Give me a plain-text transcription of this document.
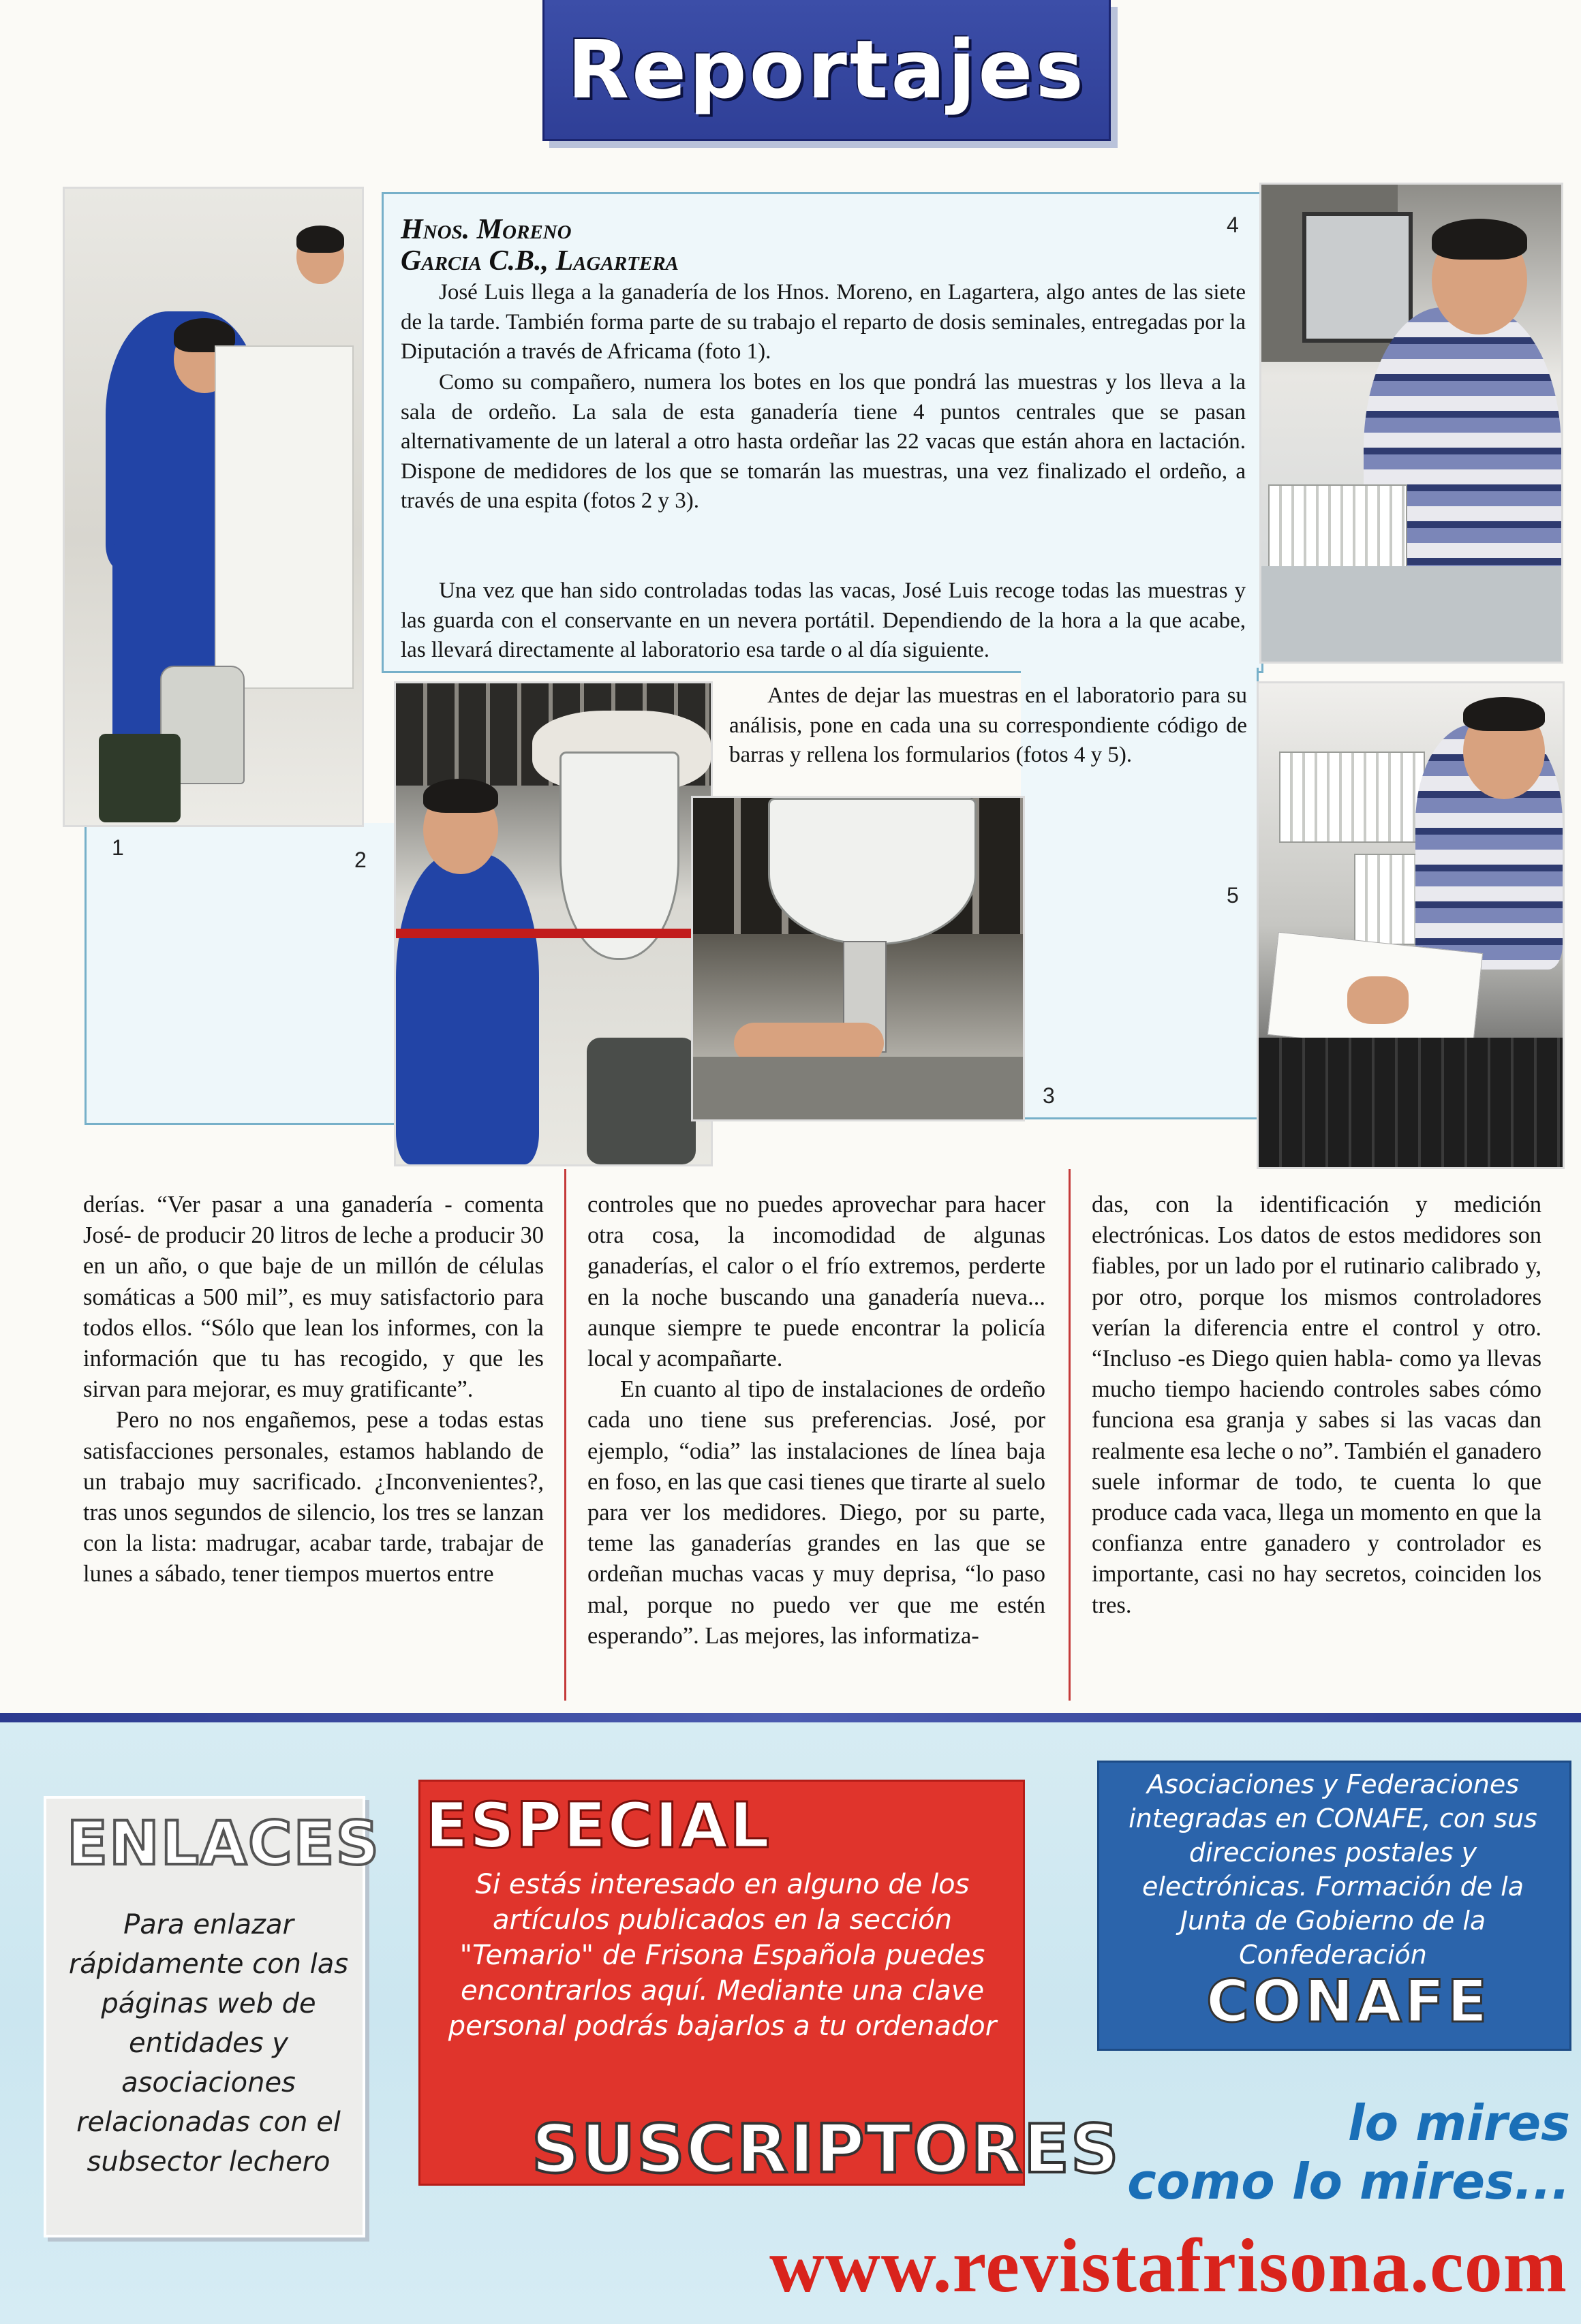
Reportajes
1	2
3
4
5
Hnos. Moreno
Garcia C.B., Lagartera

José Luis llega a la ganadería de los Hnos. Moreno, en Lagartera, algo antes de las siete de la tarde. También forma parte de su trabajo el reparto de dosis seminales, entregadas por la Diputación a través de Africama (foto 1).

Como su compañero, numera los botes en los que pondrá las muestras y los lleva a la sala de ordeño. La sala de esta ganadería tiene 4 puntos centrales que se pasan alternativamente de un lateral a otro hasta ordeñar las 22 vacas que están ahora en lactación. Dispone de medidores de los que se tomarán las muestras, una vez finalizado el ordeño, a través de una espita (fotos 2 y 3).

Una vez que han sido controladas todas las vacas, José Luis recoge todas las muestras y las guarda con el conservante en un nevera portátil. Dependiendo de la hora a la que acabe, las llevará directamente al laboratorio esa tarde o al día siguiente.

Antes de dejar las muestras en el laboratorio para su análisis, pone en cada una su correspondiente código de barras y rellena los formularios (fotos 4 y 5).

derías. “Ver pasar a una ganadería - comenta José- de producir 20 litros de leche a producir 30 en un año, o que baje de un millón de células somáticas a 500 mil”, es muy satisfactorio para todos ellos. “Sólo que lean los informes, con la información que tu has recogido, y que les sirvan para mejorar, es muy gratificante”.

Pero no nos engañemos, pese a todas estas satisfacciones personales, estamos hablando de un trabajo muy sacrificado. ¿Inconvenientes?, tras unos segundos de silencio, los tres se lanzan con la lista: madrugar, acabar tarde, trabajar de lunes a sábado, tener tiempos muertos entre

controles que no puedes aprovechar para hacer otra cosa, la incomodidad de algunas ganaderías, el calor o el frío extremos, perderte en la noche buscando una ganadería nueva... aunque siempre te puede encontrar la policía local y acompañarte.

En cuanto al tipo de instalaciones de ordeño cada uno tiene sus preferencias. José, por ejemplo, “odia” las instalaciones de línea baja en foso, en las que casi tienes que tirarte al suelo para ver los medidores. Diego, por su parte, teme las ganaderías grandes en las que se ordeñan muchas vacas y muy deprisa, “lo paso mal, porque no puedo ver que me estén esperando”. Las mejores, las informatiza-

das, con la identificación y medición electrónicas. Los datos de estos medidores son fiables, por un lado por el rutinario calibrado y, por otro, porque los mismos controladores verían la diferencia entre el control y otro. “Incluso -es Diego quien habla- como ya llevas mucho tiempo haciendo controles sabes cómo funciona esa granja y sabes si las vacas dan realmente esa leche o no”. También el ganadero suele informar de todo, te cuenta lo que produce cada vaca, llega un momento en que la confianza entre ganadero y controlador es importante, casi no hay secretos, coinciden los tres.

ENLACES
Para enlazar rápidamente con las páginas web de entidades y asociaciones relacionadas con el subsector lechero
ESPECIAL
Si estás interesado en alguno de los artículos publicados en la sección "Temario" de Frisona Española puedes encontrarlos aquí. Mediante una clave personal podrás bajarlos a tu ordenador
SUSCRIPTORES
Asociaciones y Federaciones integradas en CONAFE, con sus direcciones postales y electrónicas. Formación de la Junta de Gobierno de la Confederación
CONAFE
lo mires
como lo mires...
www.revistafrisona.com
